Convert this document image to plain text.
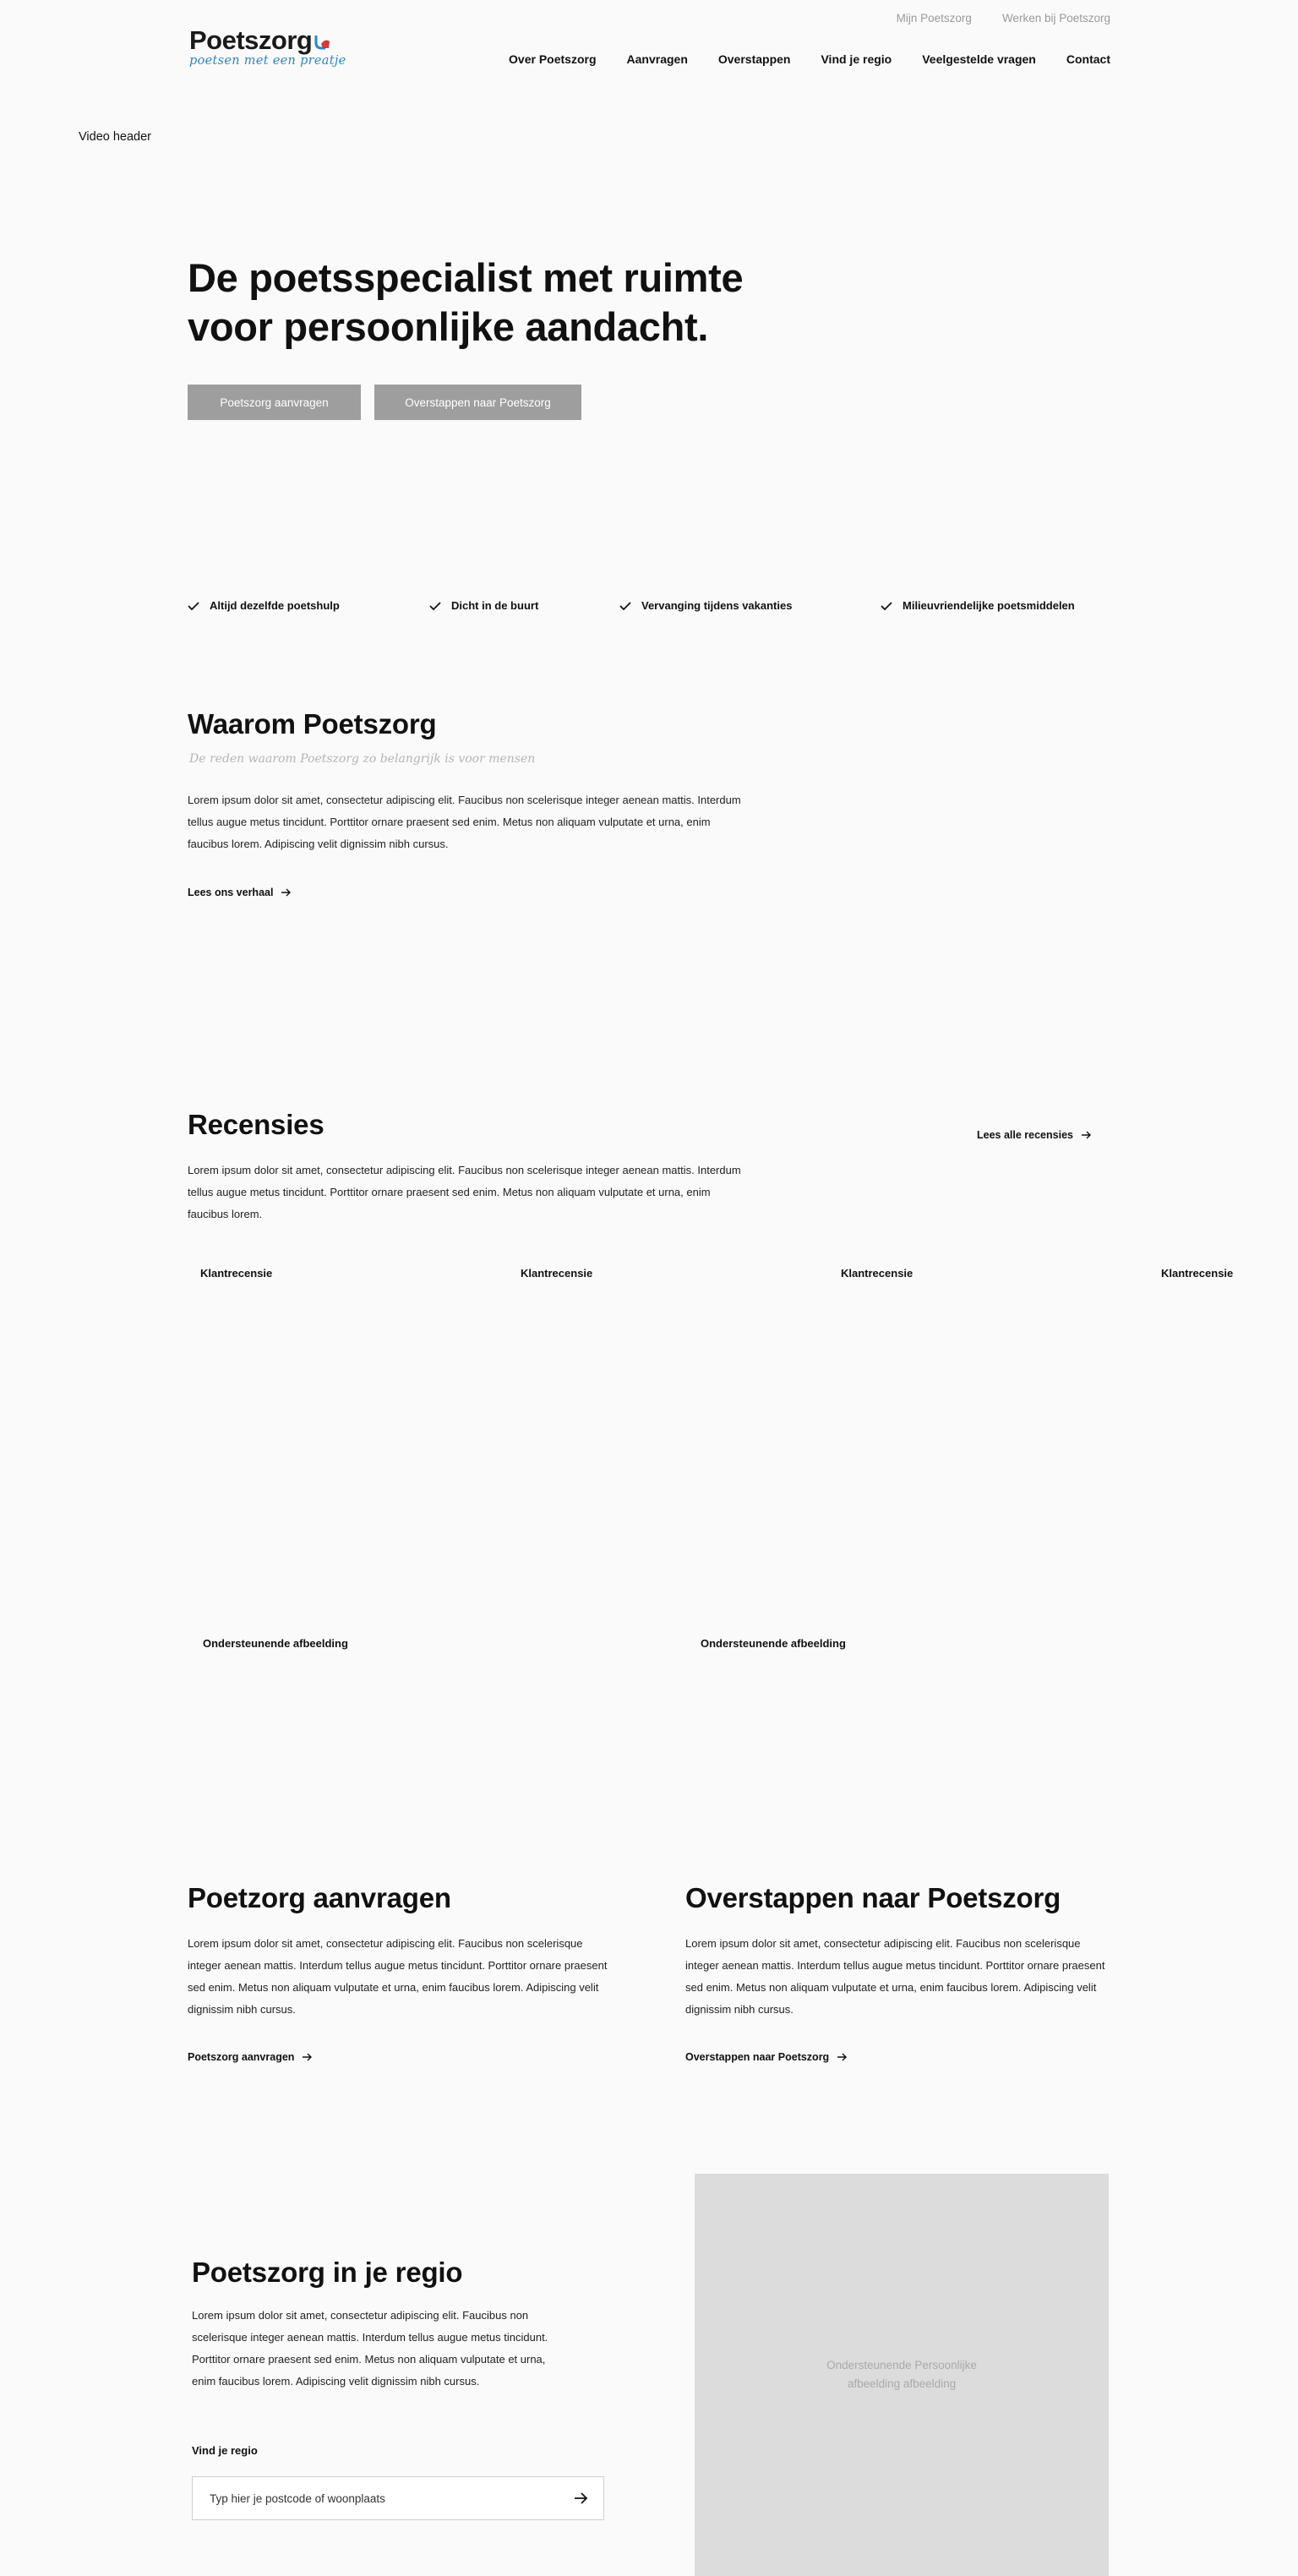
Poetszorg
poetsen met een preatje
Mijn Poetszorg	Werken bij Poetszorg
Over Poetszorg	Aanvragen	Overstappen	Vind je regio	Veelgestelde vragen	Contact
Video header
De poetsspecialist met ruimte
voor persoonlijke aandacht.
Poetszorg aanvragen	Overstappen naar Poetszorg
Altijd dezelfde poetshulp	Dicht in de buurt	Vervanging tijdens vakanties	Milieuvriendelijke poetsmiddelen
Waarom Poetszorg
De reden waarom Poetszorg zo belangrijk is voor mensen
Lorem ipsum dolor sit amet, consectetur adipiscing elit. Faucibus non scelerisque integer aenean mattis. Interdum tellus augue metus tincidunt. Porttitor ornare praesent sed enim. Metus non aliquam vulputate et urna, enim faucibus lorem. Adipiscing velit dignissim nibh cursus.
Lees ons verhaal
Recensies
Lorem ipsum dolor sit amet, consectetur adipiscing elit. Faucibus non scelerisque integer aenean mattis. Interdum tellus augue metus tincidunt. Porttitor ornare praesent sed enim. Metus non aliquam vulputate et urna, enim faucibus lorem.
Lees alle recensies
Klantrecensie	Klantrecensie	Klantrecensie	Klantrecensie
Ondersteunende afbeelding	Ondersteunende afbeelding
Poetzorg aanvragen
Lorem ipsum dolor sit amet, consectetur adipiscing elit. Faucibus non scelerisque integer aenean mattis. Interdum tellus augue metus tincidunt. Porttitor ornare praesent sed enim. Metus non aliquam vulputate et urna, enim faucibus lorem. Adipiscing velit dignissim nibh cursus.
Poetszorg aanvragen
Overstappen naar Poetszorg
Lorem ipsum dolor sit amet, consectetur adipiscing elit. Faucibus non scelerisque integer aenean mattis. Interdum tellus augue metus tincidunt. Porttitor ornare praesent sed enim. Metus non aliquam vulputate et urna, enim faucibus lorem. Adipiscing velit dignissim nibh cursus.
Overstappen naar Poetszorg
Poetszorg in je regio
Lorem ipsum dolor sit amet, consectetur adipiscing elit. Faucibus non scelerisque integer aenean mattis. Interdum tellus augue metus tincidunt. Porttitor ornare praesent sed enim. Metus non aliquam vulputate et urna, enim faucibus lorem. Adipiscing velit dignissim nibh cursus.
Vind je regio
Typ hier je postcode of woonplaats
Ondersteunende Persoonlijke afbeelding afbeelding
